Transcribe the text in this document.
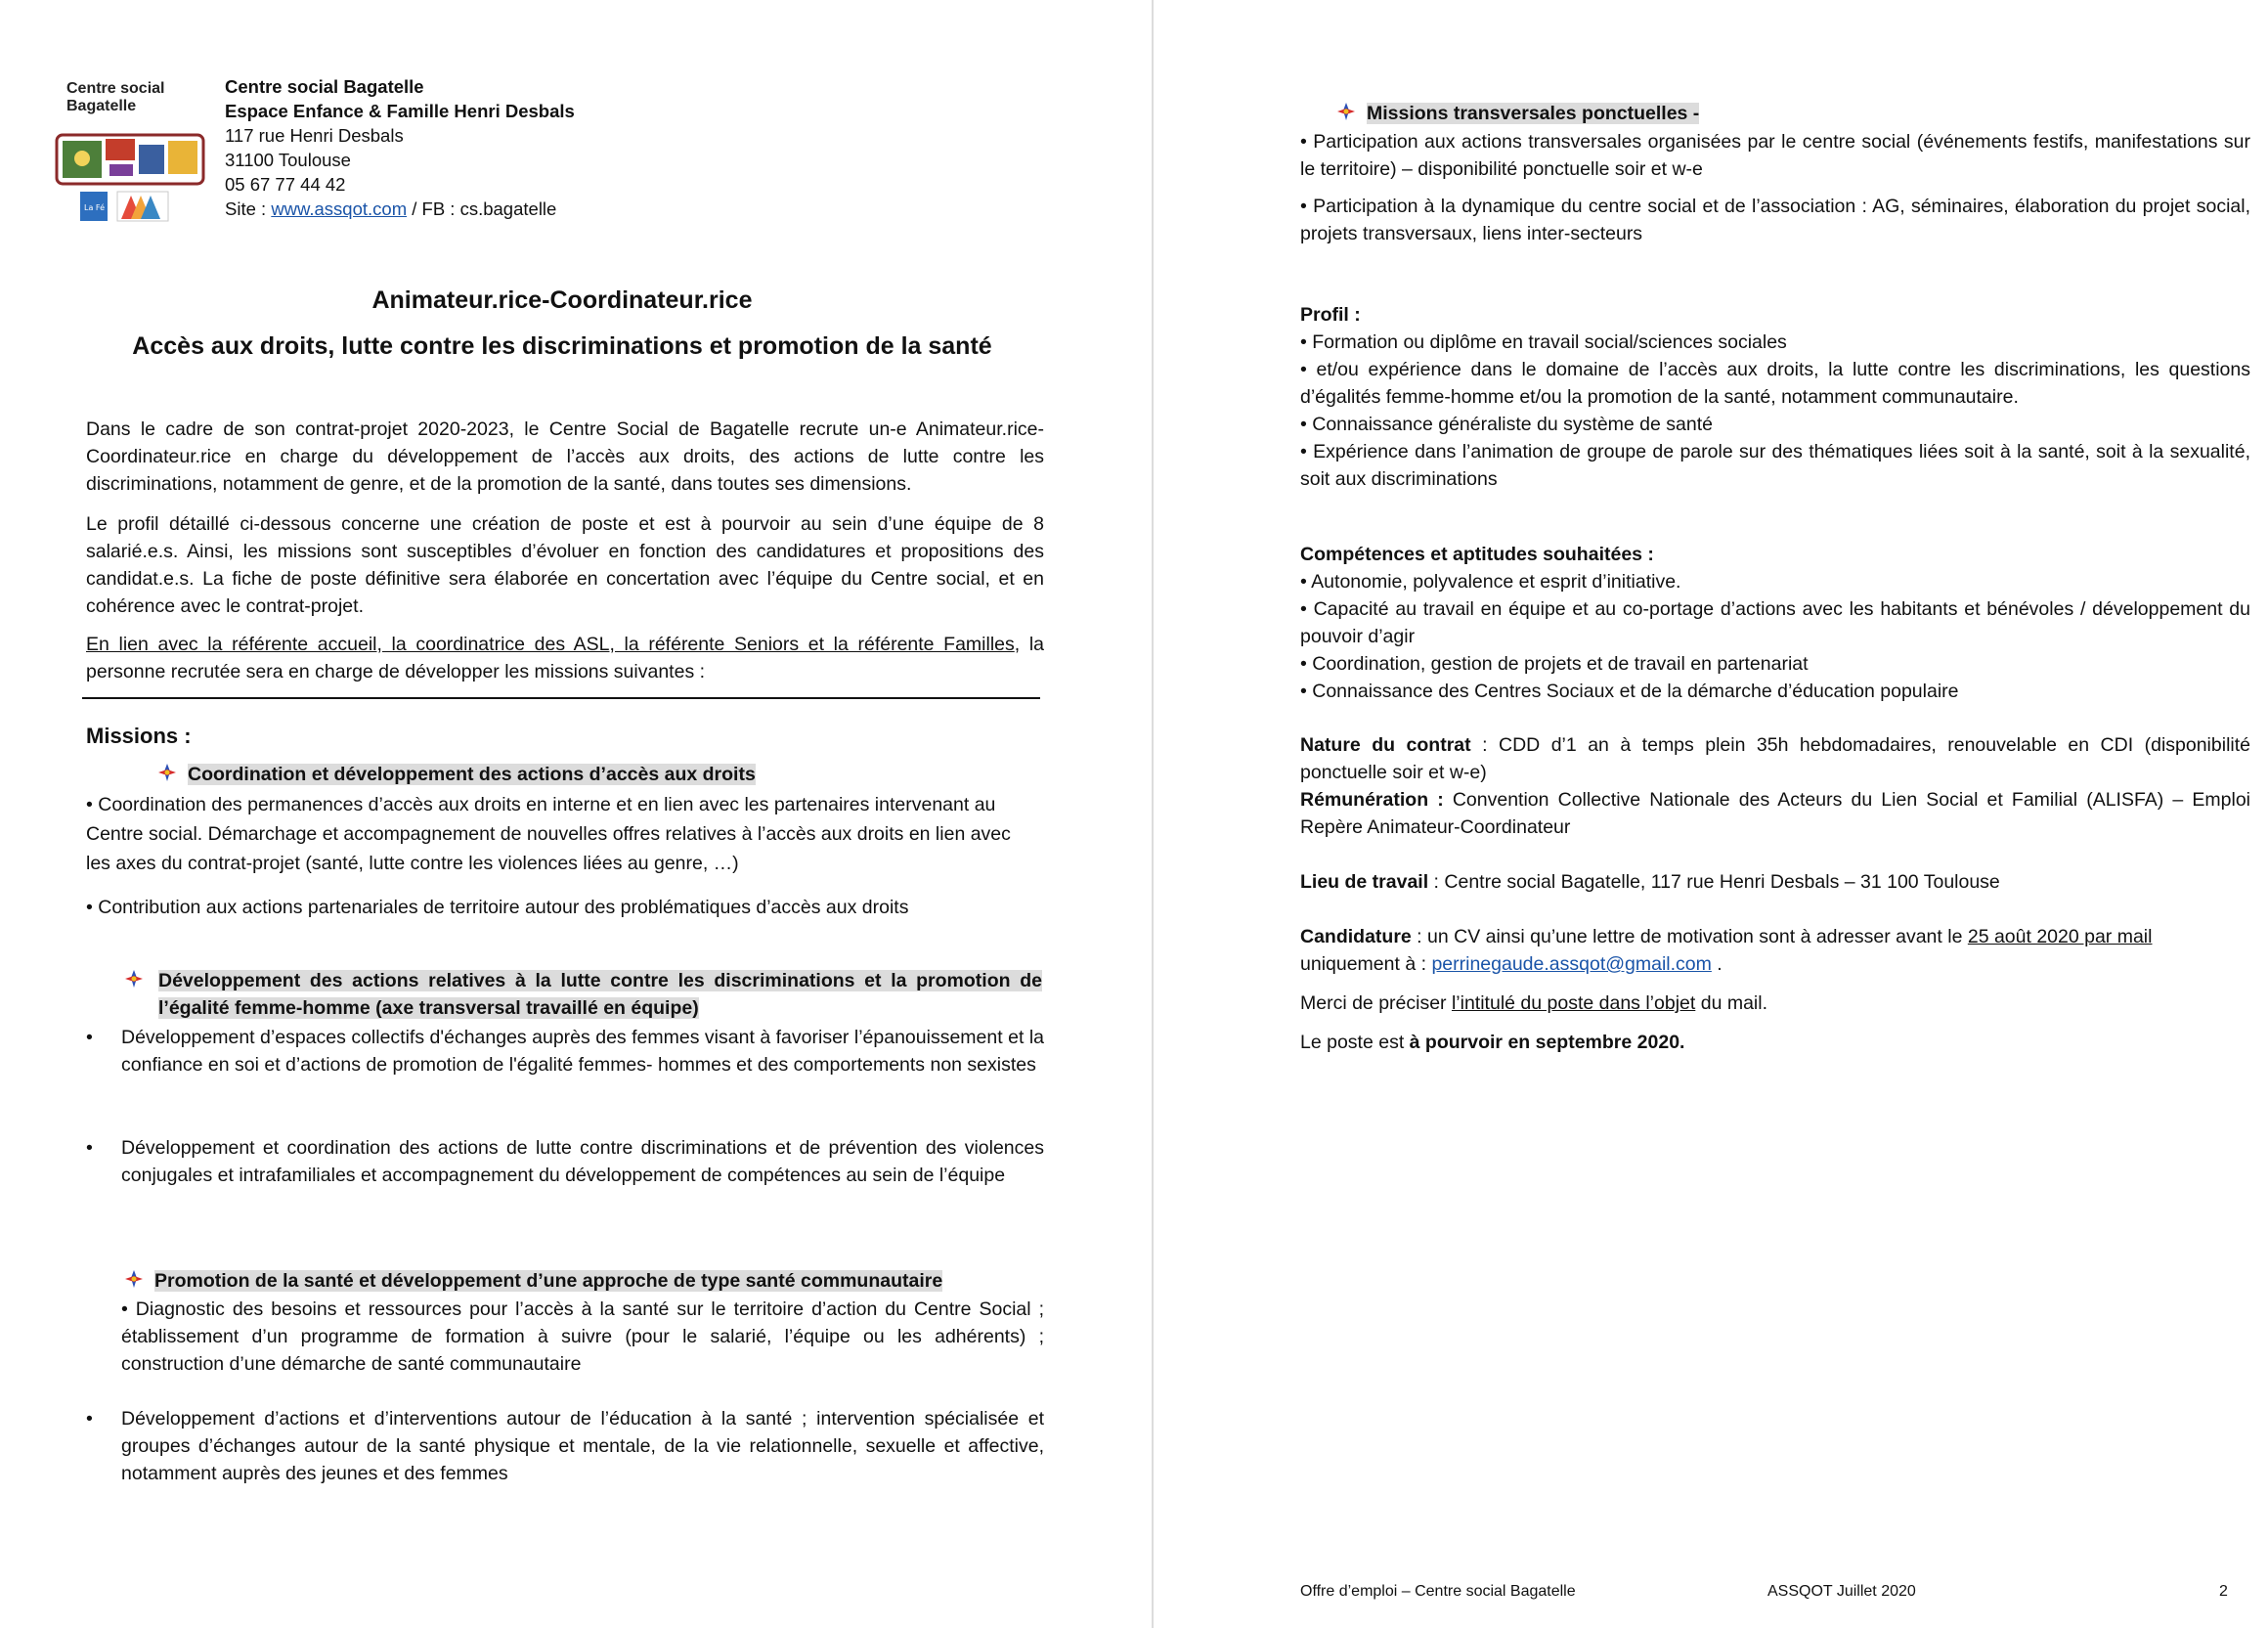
Centre social
Bagatelle
La Fé
Centre social Bagatelle
Espace Enfance & Famille Henri Desbals
117 rue Henri Desbals
31100 Toulouse
05 67 77 44 42
Site : www.assqot.com / FB : cs.bagatelle
Animateur.rice-Coordinateur.rice
Accès aux droits, lutte contre les discriminations et promotion de la santé
Dans le cadre de son contrat-projet 2020-2023, le Centre Social de Bagatelle recrute un-e Animateur.rice-Coordinateur.rice en charge du développement de l’accès aux droits, des actions de lutte contre les discriminations, notamment de genre, et de la promotion de la santé, dans toutes ses dimensions.
Le profil détaillé ci-dessous concerne une création de poste et est à pourvoir au sein d’une équipe de 8 salarié.e.s. Ainsi, les missions sont susceptibles d’évoluer en fonction des candidatures et propositions des candidat.e.s. La fiche de poste définitive sera élaborée en concertation avec l’équipe du Centre social, et en cohérence avec le contrat-projet.
En lien avec la référente accueil, la coordinatrice des ASL, la référente Seniors et la référente Familles, la personne recrutée sera en charge de développer les missions suivantes :
Missions :
Coordination et développement des actions d’accès aux droits
• Coordination des permanences d’accès aux droits en interne et en lien avec les partenaires intervenant au Centre social. Démarchage et accompagnement de nouvelles offres relatives à l’accès aux droits en lien avec les axes du contrat-projet (santé, lutte contre les violences liées au genre, …)
• Contribution aux actions partenariales de territoire autour des problématiques d’accès aux droits
Développement des actions relatives à la lutte contre les discriminations et la promotion de l’égalité femme-homme (axe transversal travaillé en équipe)
• Développement d’espaces collectifs d'échanges auprès des femmes visant à favoriser l’épanouissement et la confiance en soi et d’actions de promotion de l'égalité femmes- hommes et des comportements non sexistes
• Développement et coordination des actions de lutte contre discriminations et de prévention des violences conjugales et intrafamiliales et accompagnement du développement de compétences au sein de l’équipe
Promotion de la santé et développement d’une approche de type santé communautaire
• Diagnostic des besoins et ressources pour l’accès à la santé sur le territoire d’action du Centre Social ; établissement d’un programme de formation à suivre (pour le salarié, l’équipe ou les adhérents) ; construction d’une démarche de santé communautaire
• Développement d’actions et d’interventions autour de l’éducation à la santé ; intervention spécialisée et groupes d’échanges autour de la santé physique et mentale, de la vie relationnelle, sexuelle et affective, notamment auprès des jeunes et des femmes
Missions transversales ponctuelles -
• Participation aux actions transversales organisées par le centre social (événements festifs, manifestations sur le territoire) – disponibilité ponctuelle soir et w-e
• Participation à la dynamique du centre social et de l’association : AG, séminaires, élaboration du projet social, projets transversaux, liens inter-secteurs
Profil :
• Formation ou diplôme en travail social/sciences sociales
• et/ou expérience dans le domaine de l’accès aux droits, la lutte contre les discriminations, les questions d’égalités femme-homme et/ou la promotion de la santé, notamment communautaire.
• Connaissance généraliste du système de santé
• Expérience dans l’animation de groupe de parole sur des thématiques liées soit à la santé, soit à la sexualité, soit aux discriminations
Compétences et aptitudes souhaitées :
• Autonomie, polyvalence et esprit d’initiative.
• Capacité au travail en équipe et au co-portage d’actions avec les habitants et bénévoles / développement du pouvoir d’agir
• Coordination, gestion de projets et de travail en partenariat
• Connaissance des Centres Sociaux et de la démarche d’éducation populaire
Nature du contrat : CDD d’1 an à temps plein 35h hebdomadaires, renouvelable en CDI (disponibilité ponctuelle soir et w-e)
Rémunération : Convention Collective Nationale des Acteurs du Lien Social et Familial (ALISFA) – Emploi Repère Animateur-Coordinateur
Lieu de travail : Centre social Bagatelle, 117 rue Henri Desbals – 31 100 Toulouse
Candidature : un CV ainsi qu’une lettre de motivation sont à adresser avant le 25 août 2020 par mail uniquement à : perrinegaude.assqot@gmail.com .
Merci de préciser l’intitulé du poste dans l’objet du mail.
Le poste est à pourvoir en septembre 2020.
Offre d’emploi – Centre social Bagatelle	ASSQOT Juillet 2020	2
